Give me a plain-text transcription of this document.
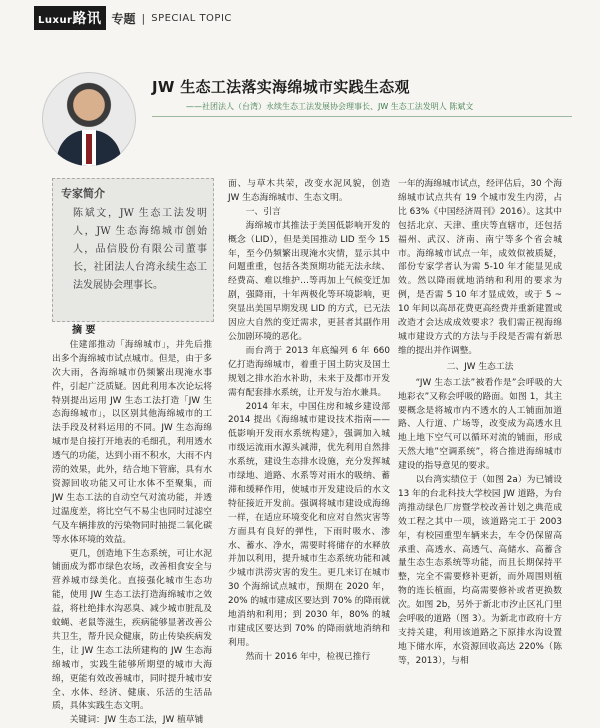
Luxur路讯 专题 | SPECIAL TOPIC
JW 生态工法落实海绵城市实践生态观
——社团法人（台湾）永续生态工法发展协会理事长、JW 生态工法发明人 陈斌文
专家简介
陈斌文，JW 生态工法发明人，JW 生态海绵城市创始人，品信股份有限公司董事长，社团法人台湾永续生态工法发展协会理事长。

摘 要

住建部推动「海绵城市」，并先后推出多个海绵城市试点城市。但是，由于多次大雨，各海绵城市仍频繁出现淹水事件，引起广泛质疑。因此利用本次论坛将特别提出运用 JW 生态工法打造「JW 生态海绵城市」，以区别其他海绵城市的工法手段及材料运用的不同。JW 生态海绵城市是自接打开地表的毛细孔，利用透水透气的功能，达到小雨不积水，大雨不内涝的效果，此外，结合地下管廊，具有水资源回收功能又可让水体不至聚集，而 JW 生态工法的自动空气对流功能，并透过温度差，将比空气不易尘也同时过滤空气及车辆排放的污染物同时抽提二氧化碳等水体环境的效益。

更几，创造地下生态系统，可让水泥铺面成为都市绿色农场，改善相食安全与营养城市绿美化。直接强化城市生态功能，使用 JW 生态工法打造海绵城市之效益，将杜绝排水沟恶臭、减少城市脏乱及蚊蝇、老鼠等滋生，疾病能够显著改善公共卫生，帮升民众健康，防止传染疾病发生，让 JW 生态工法所建构的 JW 生态海绵城市，实践生能够所期望的城市大海绵，更能有效改善城市，同时提升城市安全、水体、经济、健康、乐活的生活品质，具体实践生态文明。

关键词：JW 生态工法，JW 植草铺

面、与草木共荣，改变水泥风貌，创造 JW 生态海绵城市、生态文明。

一、引言

海绵城市其推法于美国低影响开发的概念（LID），但是美国推动 LID 至今 15 年，至今仍频繁出现淹水灾情，显示其中问题重重，包括各类预期功能无法永续、经费高、难以维护…等再加上气候变迁加剧，强降雨，十年两极化等环境影响，更突显出美国早期发现 LID 的方式，已无法因应大自然的变迁需求，更甚者其副作用公加剧环境的恶化。

而台湾于 2013 年底编列 6 年 660 亿打造海绵城市，着重于国土防灾及国土规划之排水治水补助，未来于及都市开发需有配套排水系统，让开发与治水兼具。

2014 年末，中国住房和城乡建设部 2014 提出《海绵城市建设技术指南——低影响开发雨水系统构建》，强调加入城市级运流雨水源头减滞，优先利用自然排水系统，建设生态排水设施，充分发挥城市绿地、道路、水系等对雨水的吸纳、蓄滞和缓释作用，使城市开发建设后的水文特征接近开发前。强调将城市建设成海绵一样，在适应环境变化和应对自然灾害等方面具有良好的弹性，下雨时吸水、渗水、蓄水、净水，需要时将储存的水释放并加以利用，提升城市生态系统功能和减少城市洪涝灾害的发生。更几来订在城市 30 个海绵试点城市，预期在 2020 年，20% 的城市建成区要达到 70% 的降雨就地消纳和利用；到 2030 年，80% 的城市建成区要达到 70% 的降雨就地消纳和利用。

然而十 2016 年中，检视已推行

一年的海绵城市试点，经评估后，30 个海绵城市试点共有 19 个城市发生内涝，占比 63%《中国经济周刊》2016）。这其中包括北京、天津、重庆等直辖市，还包括福州、武汉、济南、南宁等多个省会城市。海绵城市试点一年，成效似被质疑，部份专家学者认为需 5-10 年才能显见成效。然以降雨就地消纳和利用的要求为例，是否需 5 10 年才显成效，或于 5 ~ 10 年间以高昂花费更高经费并重新建置或改造才会达成成效要求？我们需正视海绵城市建设方式的方法与手段是否需有新思维的提出并作调整。

二、JW 生态工法

“JW 生态工法”被看作是”会呼吸的大地彩衣”又称会呼吸的路面。如图 1，其主要概念是将城市内不透水的人工铺面加道路、人行道、广场等，改变成为高透水且地上地下空气可以循环对流的铺面，形成天然大地”空调系统”，将合推进海绵城市建设的指导意见的要求。

以台湾实绩位于（如图 2a）为已铺设 13 年的台北科技大学校园 JW 道路，为台湾推动绿色厂房暨学校改善计划之典范成效工程之其中一项，该道路完工于 2003 年，有校园重型车辆来去，车令仍保留高承重、高透水、高透气、高储水、高蓄含量生态生态系统等功能，而且长期保持平整，完全不需要修补更新，而外周围则植物的连长植面，均高需要修补或者更换数次。如图 2b，另外于新北市汐止区礼门里会呼吸的道路（图 3）。为新北市政府十方支持关建，利用该道路之下原排水沟设置地下储水库，水资源回收高达 220%（陈等，2013），与相
